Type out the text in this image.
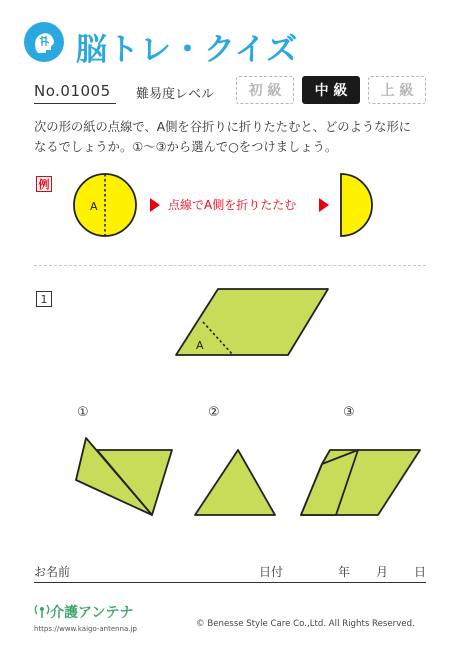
脳トレ・クイズ
No.01005 難易度レベル	初 級	中 級	上 級
次の形の紙の点線で、A側を谷折りに折りたたむと、どのような形に
なるでしょうか。①～③から選んで○をつけましょう。
例
A	点線でA側を折りたたむ
1
A
①	②	③
お名前	日付	年 月 日
介護アンテナ
https://www.kaigo-antenna.jp	© Benesse Style Care Co.,Ltd. All Rights Reserved.
